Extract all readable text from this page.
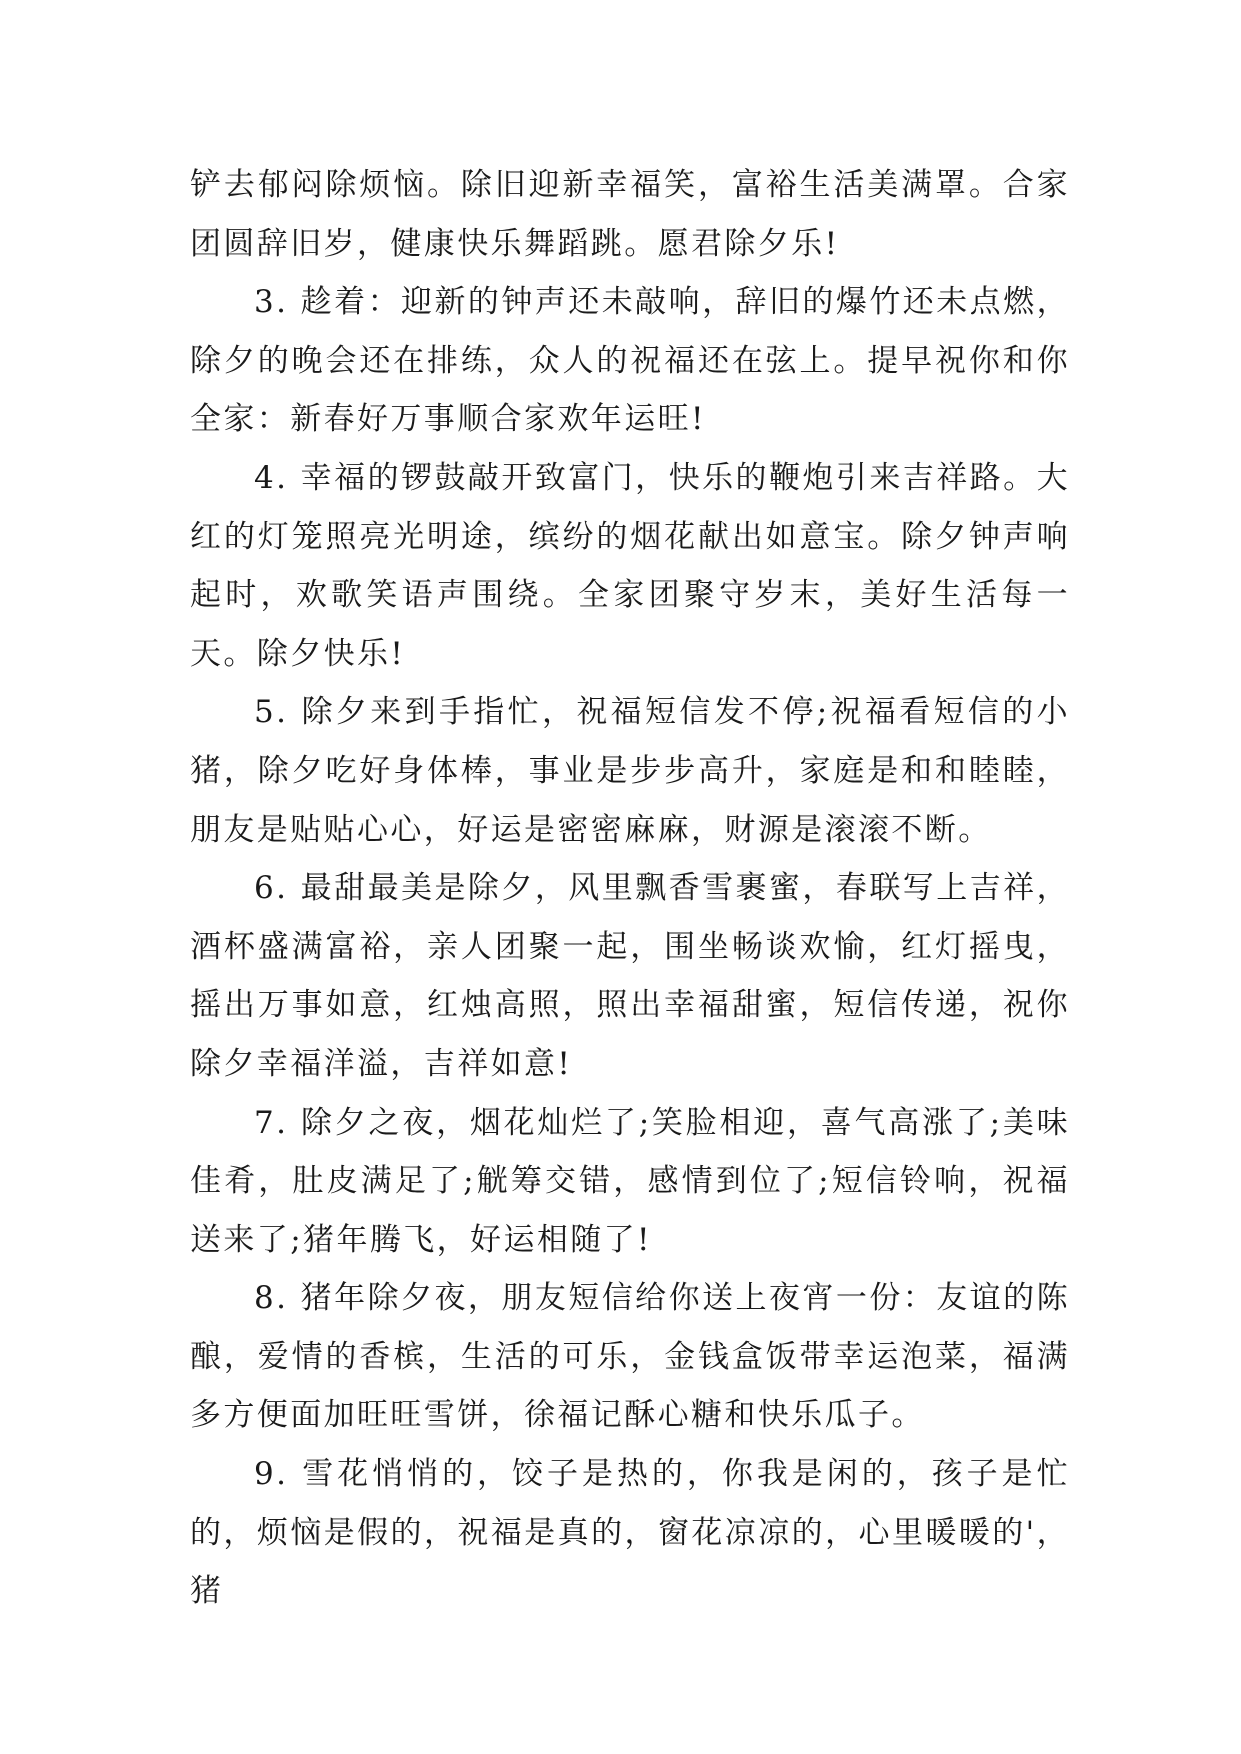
铲去郁闷除烦恼。除旧迎新幸福笑，富裕生活美满罩。合家团圆辞旧岁，健康快乐舞蹈跳。愿君除夕乐!

3. 趁着：迎新的钟声还未敲响，辞旧的爆竹还未点燃，除夕的晚会还在排练，众人的祝福还在弦上。提早祝你和你全家：新春好万事顺合家欢年运旺!

4. 幸福的锣鼓敲开致富门，快乐的鞭炮引来吉祥路。大红的灯笼照亮光明途，缤纷的烟花献出如意宝。除夕钟声响起时，欢歌笑语声围绕。全家团聚守岁末，美好生活每一天。除夕快乐!

5. 除夕来到手指忙，祝福短信发不停;祝福看短信的小猪，除夕吃好身体棒，事业是步步高升，家庭是和和睦睦，朋友是贴贴心心，好运是密密麻麻，财源是滚滚不断。

6. 最甜最美是除夕，风里飘香雪裹蜜，春联写上吉祥，酒杯盛满富裕，亲人团聚一起，围坐畅谈欢愉，红灯摇曳，摇出万事如意，红烛高照，照出幸福甜蜜，短信传递，祝你除夕幸福洋溢，吉祥如意!

7. 除夕之夜，烟花灿烂了;笑脸相迎，喜气高涨了;美味佳肴，肚皮满足了;觥筹交错，感情到位了;短信铃响，祝福送来了;猪年腾飞，好运相随了!

8. 猪年除夕夜，朋友短信给你送上夜宵一份：友谊的陈酿，爱情的香槟，生活的可乐，金钱盒饭带幸运泡菜，福满多方便面加旺旺雪饼，徐福记酥心糖和快乐瓜子。

9. 雪花悄悄的，饺子是热的，你我是闲的，孩子是忙的，烦恼是假的，祝福是真的，窗花凉凉的，心里暖暖的'，猪
